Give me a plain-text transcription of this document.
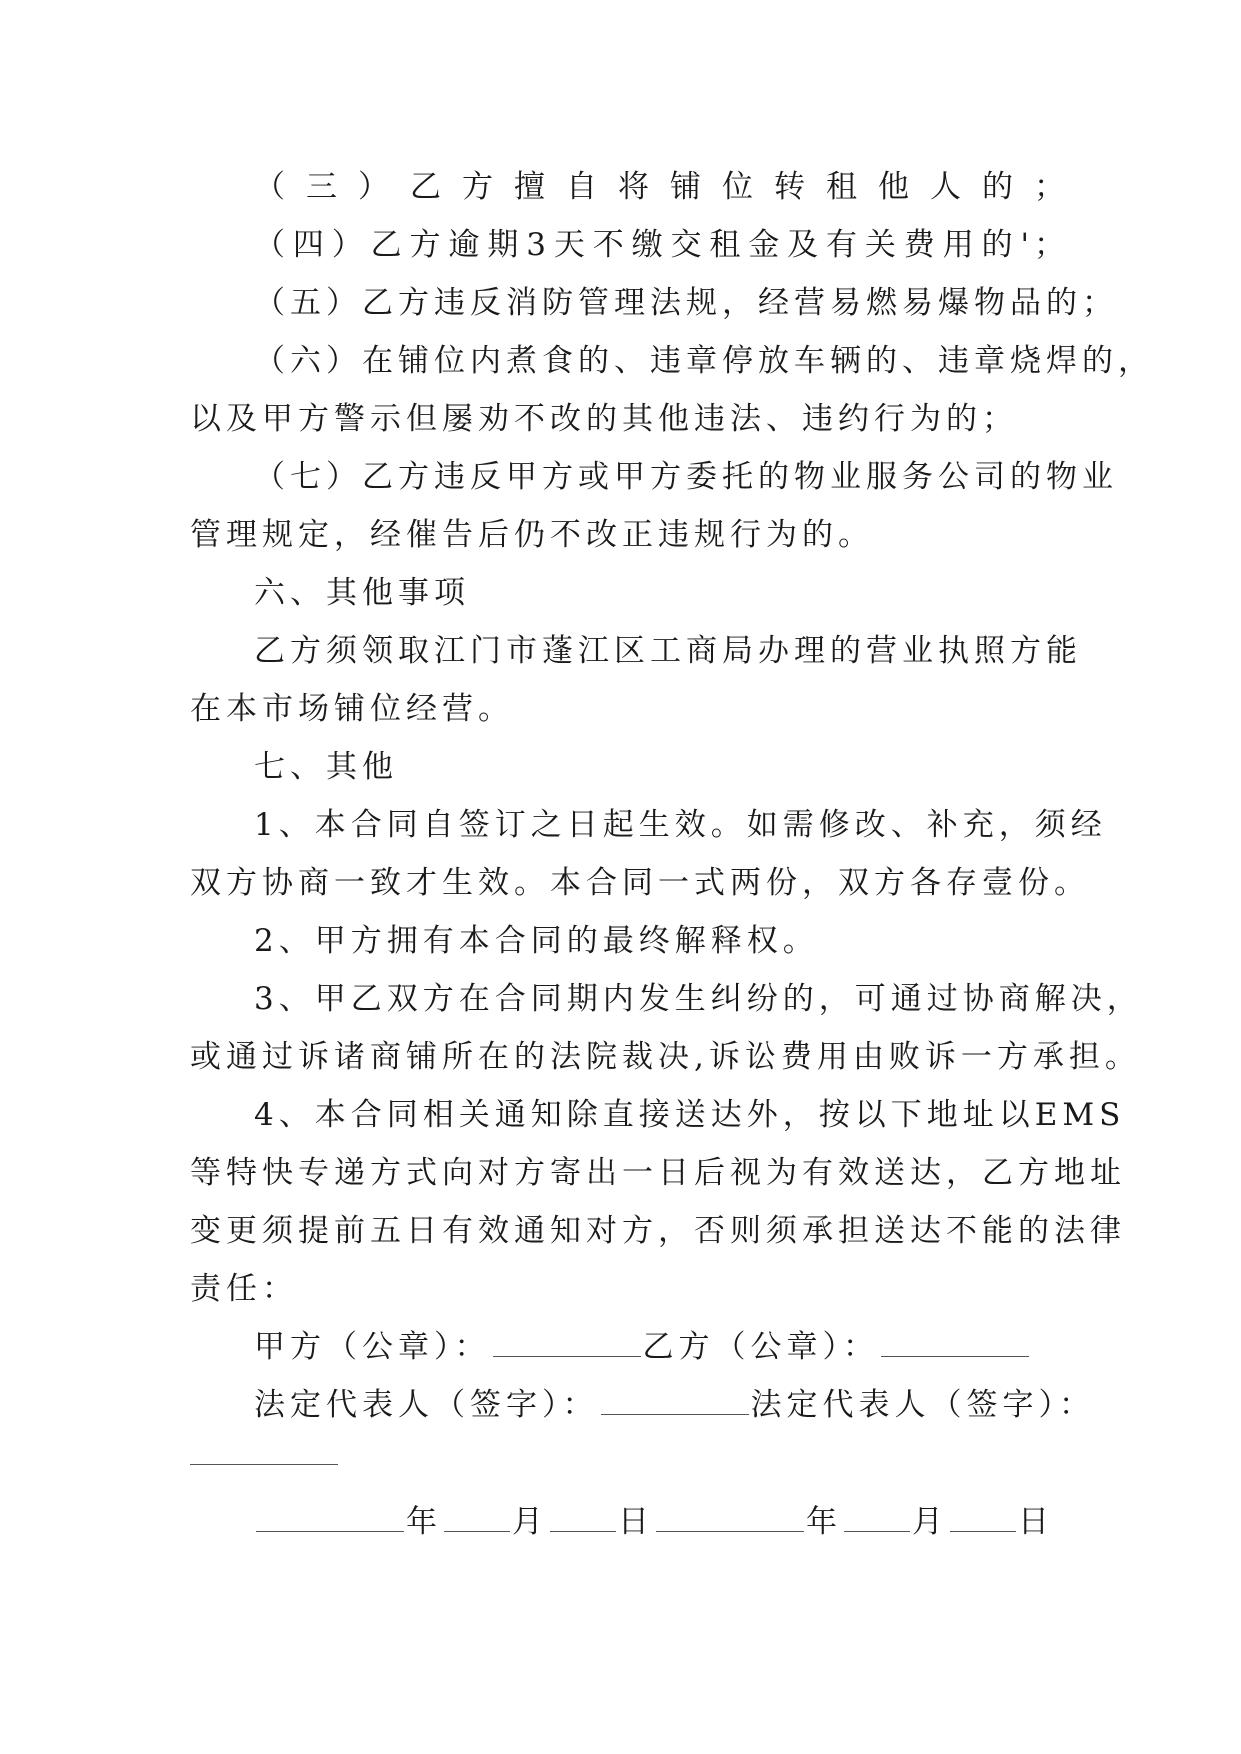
（三）乙方擅自将铺位转租他人的；

（四）乙方逾期3天不缴交租金及有关费用的'；

（五）乙方违反消防管理法规，经营易燃易爆物品的；

（六）在铺位内煮食的、违章停放车辆的、违章烧焊的，

以及甲方警示但屡劝不改的其他违法、违约行为的；

（七）乙方违反甲方或甲方委托的物业服务公司的物业

管理规定，经催告后仍不改正违规行为的。

六、其他事项

乙方须领取江门市蓬江区工商局办理的营业执照方能

在本市场铺位经营。

七、其他

1、本合同自签订之日起生效。如需修改、补充，须经

双方协商一致才生效。本合同一式两份，双方各存壹份。

2、甲方拥有本合同的最终解释权。

3、甲乙双方在合同期内发生纠纷的，可通过协商解决，

或通过诉诸商铺所在的法院裁决,诉讼费用由败诉一方承担。

4、本合同相关通知除直接送达外，按以下地址以EMS

等特快专递方式向对方寄出一日后视为有效送达，乙方地址

变更须提前五日有效通知对方，否则须承担送达不能的法律

责任：

甲方（公章）：	乙方（公章）：
法定代表人（签字）：	法定代表人（签字）：
年 月 日	年 月 日
